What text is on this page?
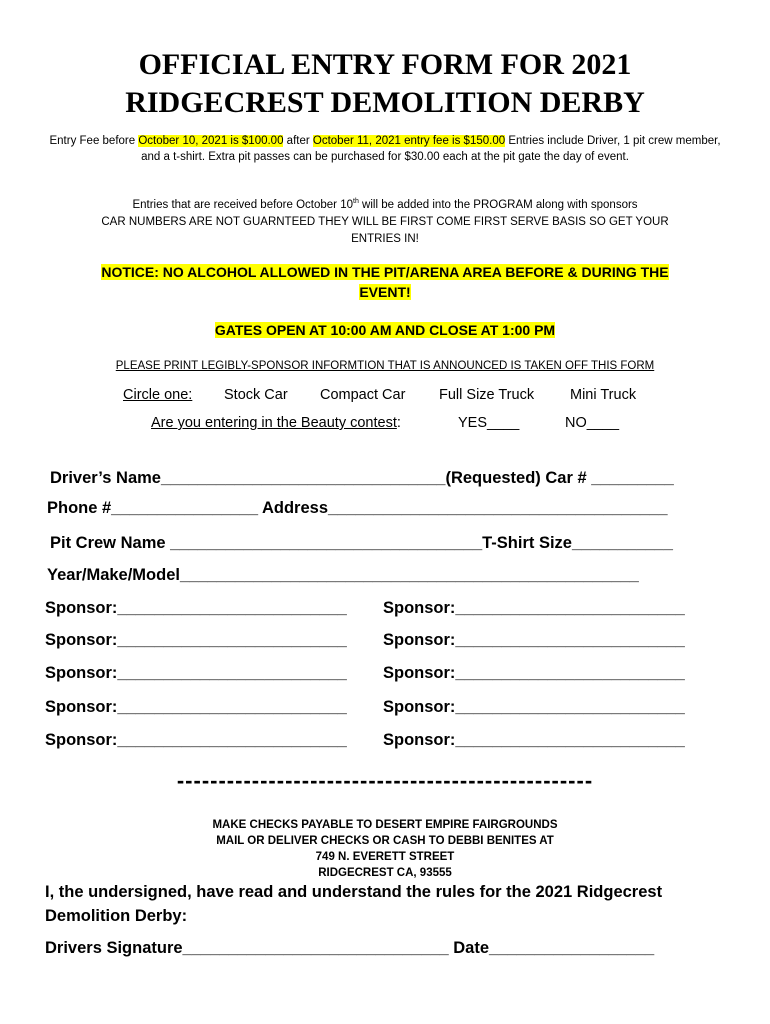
OFFICIAL ENTRY FORM FOR 2021
RIDGECREST DEMOLITION DERBY
Entry Fee before October 10, 2021 is $100.00 after October 11, 2021 entry fee is $150.00 Entries include Driver, 1 pit crew member, and a t-shirt. Extra pit passes can be purchased for $30.00 each at the pit gate the day of event.
Entries that are received before October 10th will be added into the PROGRAM along with sponsors
CAR NUMBERS ARE NOT GUARNTEED THEY WILL BE FIRST COME FIRST SERVE BASIS SO GET YOUR
ENTRIES IN!
NOTICE: NO ALCOHOL ALLOWED IN THE PIT/ARENA AREA BEFORE & DURING THE
EVENT!
GATES OPEN AT 10:00 AM AND CLOSE AT 1:00 PM
PLEASE PRINT LEGIBLY-SPONSOR INFORMTION THAT IS ANNOUNCED IS TAKEN OFF THIS FORM
Circle one: Stock Car Compact Car Full Size Truck Mini Truck
Are you entering in the Beauty contest:	YES____	NO____
Driver’s Name_______________________________(Requested) Car # _________
Phone #________________ Address_____________________________________
Pit Crew Name __________________________________T-Shirt Size___________
Year/Make/Model__________________________________________________
Sponsor:_________________________ Sponsor:_________________________
Sponsor:_________________________ Sponsor:_________________________
Sponsor:_________________________ Sponsor:_________________________
Sponsor:_________________________ Sponsor:_________________________
Sponsor:_________________________ Sponsor:_________________________
--------------------------------------------------
MAKE CHECKS PAYABLE TO DESERT EMPIRE FAIRGROUNDS
MAIL OR DELIVER CHECKS OR CASH TO DEBBI BENITES AT
749 N. EVERETT STREET
RIDGECREST CA, 93555
I, the undersigned, have read and understand the rules for the 2021 Ridgecrest
Demolition Derby:
Drivers Signature_____________________________ Date__________________
